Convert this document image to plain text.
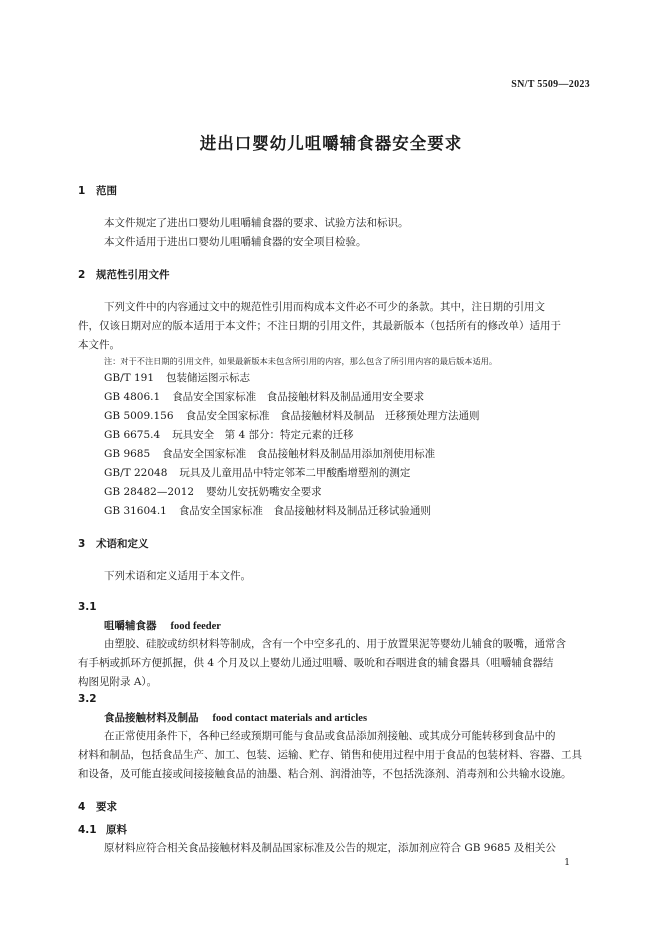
SN/T 5509—2023
进出口婴幼儿咀嚼辅食器安全要求
1 范围
本文件规定了进出口婴幼儿咀嚼辅食器的要求、试验方法和标识。
本文件适用于进出口婴幼儿咀嚼辅食器的安全项目检验。
2 规范性引用文件
下列文件中的内容通过文中的规范性引用而构成本文件必不可少的条款。其中，注日期的引用文
件，仅该日期对应的版本适用于本文件；不注日期的引用文件，其最新版本（包括所有的修改单）适用于
本文件。
注：对于不注日期的引用文件，如果最新版本未包含所引用的内容，那么包含了所引用内容的最后版本适用。
GB/T 191 包装储运图示标志
GB 4806.1 食品安全国家标准　食品接触材料及制品通用安全要求
GB 5009.156 食品安全国家标准　食品接触材料及制品　迁移预处理方法通则
GB 6675.4 玩具安全　第 4 部分：特定元素的迁移
GB 9685 食品安全国家标准　食品接触材料及制品用添加剂使用标准
GB/T 22048 玩具及儿童用品中特定邻苯二甲酸酯增塑剂的测定
GB 28482—2012 婴幼儿安抚奶嘴安全要求
GB 31604.1 食品安全国家标准　食品接触材料及制品迁移试验通则
3 术语和定义
下列术语和定义适用于本文件。
3.1
咀嚼辅食器 food feeder
由塑胶、硅胶或纺织材料等制成，含有一个中空多孔的、用于放置果泥等婴幼儿辅食的吸嘴，通常含
有手柄或抓环方便抓握，供 4 个月及以上婴幼儿通过咀嚼、吸吮和吞咽进食的辅食器具（咀嚼辅食器结
构图见附录 A）。
3.2
食品接触材料及制品 food contact materials and articles
在正常使用条件下，各种已经或预期可能与食品或食品添加剂接触、或其成分可能转移到食品中的
材料和制品，包括食品生产、加工、包装、运输、贮存、销售和使用过程中用于食品的包装材料、容器、工具
和设备，及可能直接或间接接触食品的油墨、粘合剂、润滑油等，不包括洗涤剂、消毒剂和公共输水设施。
4 要求
4.1 原料
原材料应符合相关食品接触材料及制品国家标准及公告的规定，添加剂应符合 GB 9685 及相关公
1
